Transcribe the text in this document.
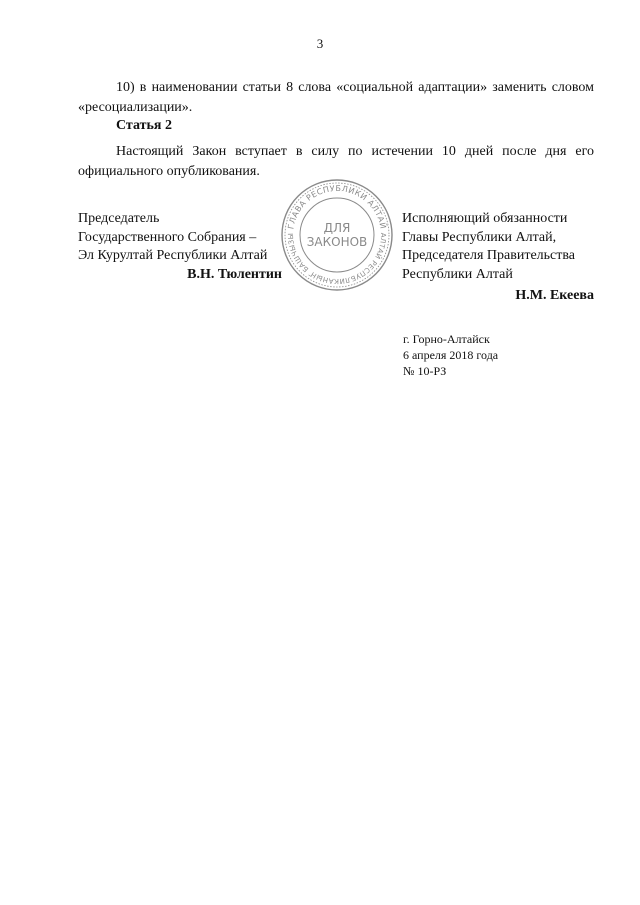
3
10) в наименовании статьи 8 слова «социальной адаптации» заменить словом «ресоциализации».
Статья 2
Настоящий Закон вступает в силу по истечении 10 дней после дня его официального опубликования.
Председатель
Государственного Собрания –
Эл Курултай Республики Алтай
В.Н. Тюлентин
ГЛАВА РЕСПУБЛИКИ АЛТАЙ
АЛТАЙ РЕСПУБЛИКАНЫҤ БАШЧЫЗЫ
ДЛЯ
ЗАКОНОВ
Исполняющий обязанности
Главы Республики Алтай,
Председателя Правительства
Республики Алтай
Н.М. Екеева
г. Горно-Алтайск
6 апреля 2018 года
№ 10-РЗ
